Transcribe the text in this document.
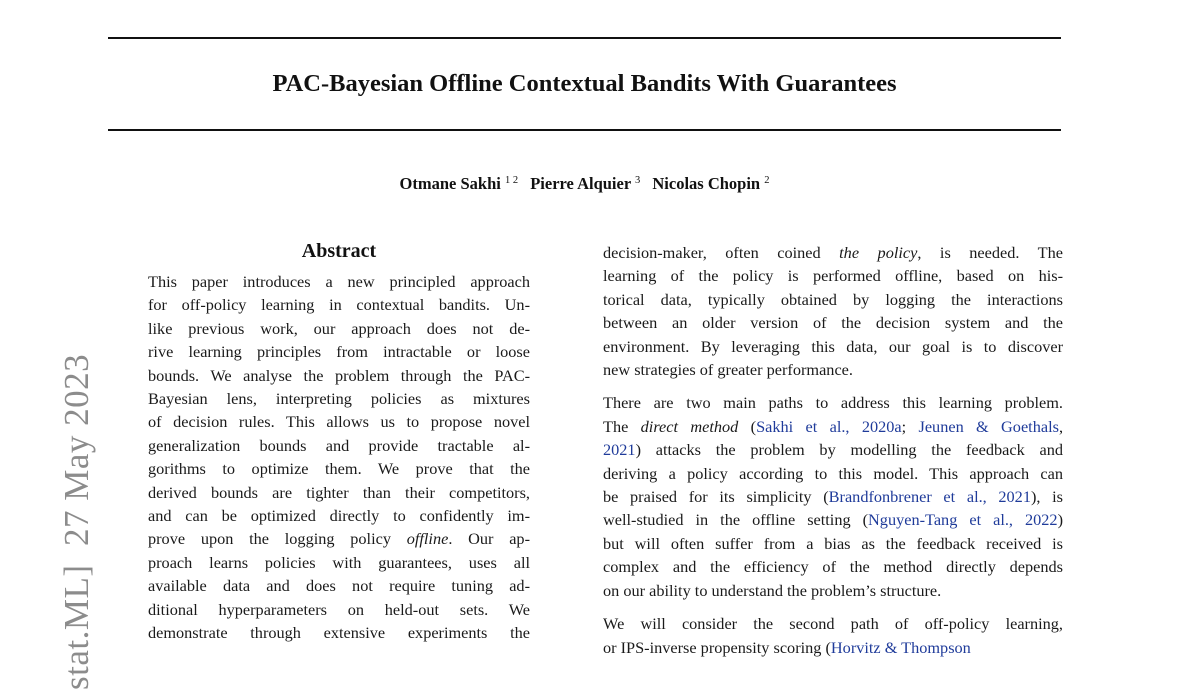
PAC-Bayesian Offline Contextual Bandits With Guarantees
Otmane Sakhi $^{1 2}$ Pierre Alquier $^3$ Nicolas Chopin $^2$
stat.ML]  27 May 2023
Abstract
This paper introduces a new principled approach
for off-policy learning in contextual bandits. Un-
like previous work, our approach does not de-
rive learning principles from intractable or loose
bounds. We analyse the problem through the PAC-
Bayesian lens, interpreting policies as mixtures
of decision rules. This allows us to propose novel
generalization bounds and provide tractable al-
gorithms to optimize them. We prove that the
derived bounds are tighter than their competitors,
and can be optimized directly to confidently im-
prove upon the logging policy offline. Our ap-
proach learns policies with guarantees, uses all
available data and does not require tuning ad-
ditional hyperparameters on held-out sets. We
demonstrate through extensive experiments the
decision-maker, often coined the policy, is needed. The
learning of the policy is performed offline, based on his-
torical data, typically obtained by logging the interactions
between an older version of the decision system and the
environment. By leveraging this data, our goal is to discover
new strategies of greater performance.
There are two main paths to address this learning problem.
The direct method (Sakhi et al., 2020a; Jeunen & Goethals,
2021) attacks the problem by modelling the feedback and
deriving a policy according to this model. This approach can
be praised for its simplicity (Brandfonbrener et al., 2021), is
well-studied in the offline setting (Nguyen-Tang et al., 2022)
but will often suffer from a bias as the feedback received is
complex and the efficiency of the method directly depends
on our ability to understand the problem’s structure.
We will consider the second path of off-policy learning,
or IPS-inverse propensity scoring (Horvitz & Thompson
